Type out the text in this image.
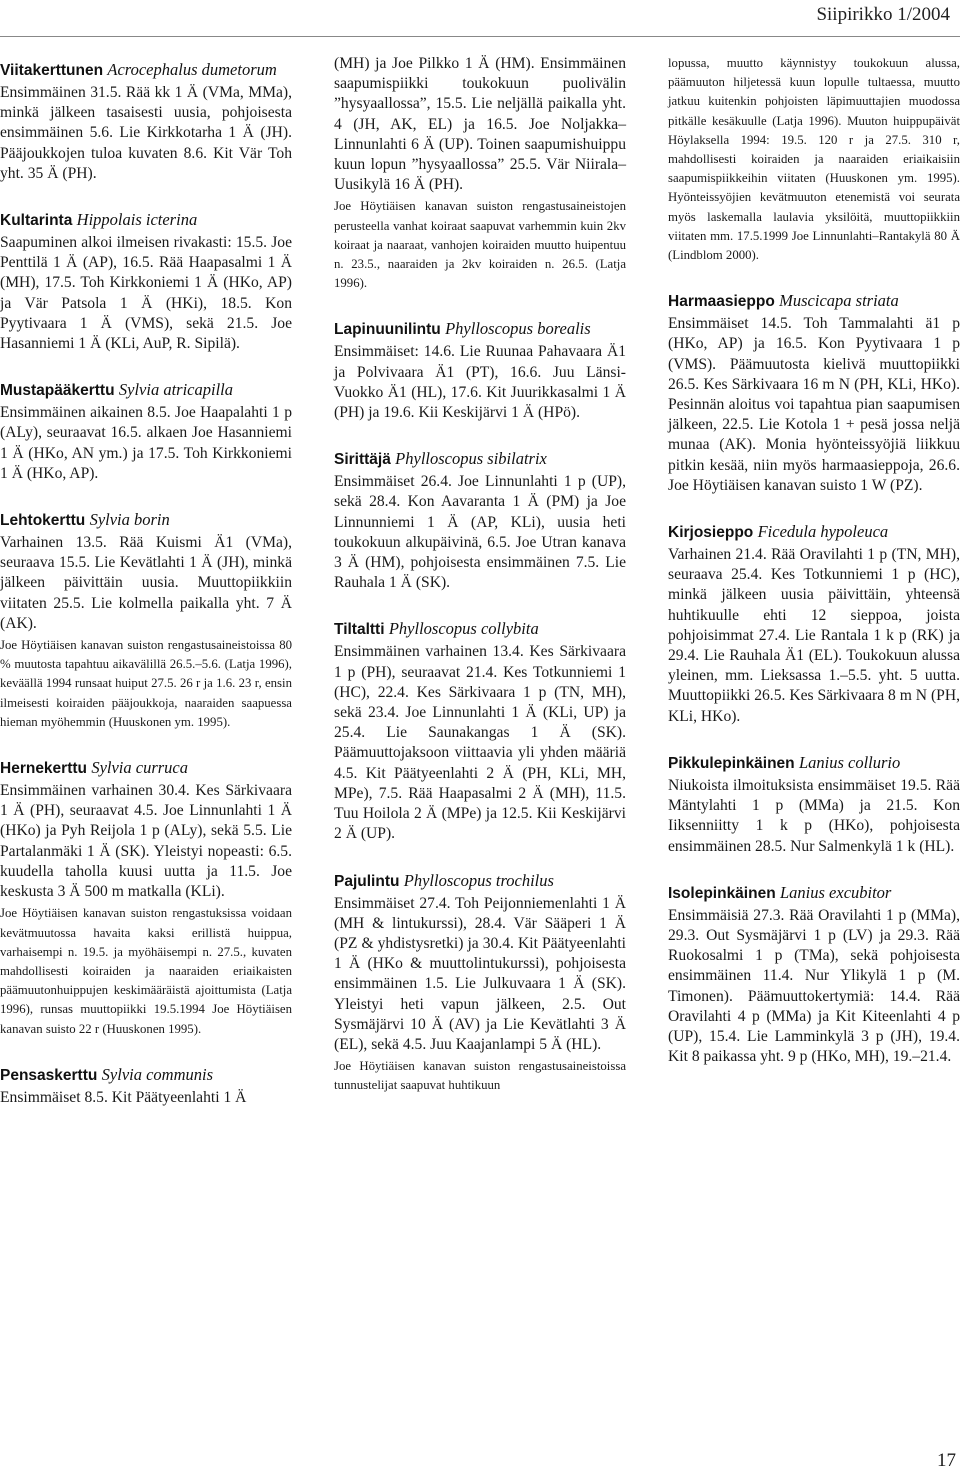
Siipirikko 1/2004
Viitakerttunen Acrocephalus dumetorum

Ensimmäinen 31.5. Rää kk 1 Ä (VMa, MMa), minkä jälkeen tasaisesti uusia, pohjoisesta ensimmäinen 5.6. Lie Kirkkotarha 1 Ä (JH). Pääjoukkojen tuloa kuvaten 8.6. Kit Vär Toh yht. 35 Ä (PH).

Kultarinta Hippolais icterina

Saapuminen alkoi ilmeisen rivakasti: 15.5. Joe Penttilä 1 Ä (AP), 16.5. Rää Haapasalmi 1 Ä (MH), 17.5. Toh Kirkkoniemi 1 Ä (HKo, AP) ja Vär Patsola 1 Ä (HKi), 18.5. Kon Pyytivaara 1 Ä (VMS), sekä 21.5. Joe Hasanniemi 1 Ä (KLi, AuP, R. Sipilä).

Mustapääkerttu Sylvia atricapilla

Ensimmäinen aikainen 8.5. Joe Haapalahti 1 p (ALy), seuraavat 16.5. alkaen Joe Hasanniemi 1 Ä (HKo, AN ym.) ja 17.5. Toh Kirkkoniemi 1 Ä (HKo, AP).

Lehtokerttu Sylvia borin

Varhainen 13.5. Rää Kuismi Ä1 (VMa), seuraava 15.5. Lie Kevätlahti 1 Ä (JH), minkä jälkeen päivittäin uusia. Muuttopiikkiin viitaten 25.5. Lie kolmella paikalla yht. 7 Ä (AK).

Joe Höytiäisen kanavan suiston rengastusaineistoissa 80 % muutosta tapahtuu aikavälillä 26.5.–5.6. (Latja 1996), keväällä 1994 runsaat huiput 27.5. 26 r ja 1.6. 23 r, ensin ilmeisesti koiraiden pääjoukkoja, naaraiden saapuessa hieman myöhemmin (Huuskonen ym. 1995).

Hernekerttu Sylvia curruca

Ensimmäinen varhainen 30.4. Kes Särkivaara 1 Ä (PH), seuraavat 4.5. Joe Linnunlahti 1 Ä (HKo) ja Pyh Reijola 1 p (ALy), sekä 5.5. Lie Partalanmäki 1 Ä (SK). Yleistyi nopeasti: 6.5. kuudella taholla kuusi uutta ja 11.5. Joe keskusta 3 Ä 500 m matkalla (KLi).

Joe Höytiäisen kanavan suiston rengastuksissa voidaan kevätmuutossa havaita kaksi erillistä huippua, varhaisempi n. 19.5. ja myöhäisempi n. 27.5., kuvaten mahdollisesti koiraiden ja naaraiden eriaikaisten päämuutonhuippujen keskimääräistä ajoittumista (Latja 1996), runsas muuttopiikki 19.5.1994 Joe Höytiäisen kanavan suisto 22 r (Huuskonen 1995).

Pensaskerttu Sylvia communis

Ensimmäiset 8.5. Kit Päätyeenlahti 1 Ä

(MH) ja Joe Pilkko 1 Ä (HM). Ensimmäinen saapumispiikki toukokuun puolivälin ”hysyaallossa”, 15.5. Lie neljällä paikalla yht. 4 (JH, AK, EL) ja 16.5. Joe Noljakka–Linnunlahti 6 Ä (UP). Toinen saapumishuippu kuun lopun ”hysyaallossa” 25.5. Vär Niirala–Uusikylä 16 Ä (PH).

Joe Höytiäisen kanavan suiston rengastusaineistojen perusteella vanhat koiraat saapuvat varhemmin kuin 2kv koiraat ja naaraat, vanhojen koiraiden muutto huipentuu n. 23.5., naaraiden ja 2kv koiraiden n. 26.5. (Latja 1996).

Lapinuunilintu Phylloscopus borealis

Ensimmäiset: 14.6. Lie Ruunaa Pahavaara Ä1 ja Polvivaara Ä1 (PT), 16.6. Juu Länsi-Vuokko Ä1 (HL), 17.6. Kit Juurikkasalmi 1 Ä (PH) ja 19.6. Kii Keskijärvi 1 Ä (HPö).

Sirittäjä Phylloscopus sibilatrix

Ensimmäiset 26.4. Joe Linnunlahti 1 p (UP), sekä 28.4. Kon Aavaranta 1 Ä (PM) ja Joe Linnunniemi 1 Ä (AP, KLi), uusia heti toukokuun alkupäivinä, 6.5. Joe Utran kanava 3 Ä (HM), pohjoisesta ensimmäinen 7.5. Lie Rauhala 1 Ä (SK).

Tiltaltti Phylloscopus collybita

Ensimmäinen varhainen 13.4. Kes Särkivaara 1 p (PH), seuraavat 21.4. Kes Totkunniemi 1 (HC), 22.4. Kes Särkivaara 1 p (TN, MH), sekä 23.4. Joe Linnunlahti 1 Ä (KLi, UP) ja 25.4. Lie Saunakangas 1 Ä (SK). Päämuuttojaksoon viittaavia yli yhden määriä 4.5. Kit Päätyeenlahti 2 Ä (PH, KLi, MH, MPe), 7.5. Rää Haapasalmi 2 Ä (MH), 11.5. Tuu Hoilola 2 Ä (MPe) ja 12.5. Kii Keskijärvi 2 Ä (UP).

Pajulintu Phylloscopus trochilus

Ensimmäiset 27.4. Toh Peijonniemenlahti 1 Ä (MH & lintukurssi), 28.4. Vär Sääperi 1 Ä (PZ & yhdistysretki) ja 30.4. Kit Päätyeenlahti 1 Ä (HKo & muuttolintukurssi), pohjoisesta ensimmäinen 1.5. Lie Julkuvaara 1 Ä (SK). Yleistyi heti vapun jälkeen, 2.5. Out Sysmäjärvi 10 Ä (AV) ja Lie Kevätlahti 3 Ä (EL), sekä 4.5. Juu Kaajanlampi 5 Ä (HL).

Joe Höytiäisen kanavan suiston rengastusaineistoissa tunnustelijat saapuvat huhtikuun

lopussa, muutto käynnistyy toukokuun alussa, päämuuton hiljetessä kuun lopulle tultaessa, muutto jatkuu kuitenkin pohjoisten läpimuuttajien muodossa pitkälle kesäkuulle (Latja 1996). Muuton huippupäivät Höylaksella 1994: 19.5. 120 r ja 27.5. 310 r, mahdollisesti koiraiden ja naaraiden eriaikaisiin saapumispiikkeihin viitaten (Huuskonen ym. 1995). Hyönteissyöjien kevätmuuton etenemistä voi seurata myös laskemalla laulavia yksilöitä, muuttopiikkiin viitaten mm. 17.5.1999 Joe Linnunlahti–Rantakylä 80 Ä (Lindblom 2000).

Harmaasieppo Muscicapa striata

Ensimmäiset 14.5. Toh Tammalahti ä1 p (HKo, AP) ja 16.5. Kon Pyytivaara 1 p (VMS). Päämuutosta kielivä muuttopiikki 26.5. Kes Särkivaara 16 m N (PH, KLi, HKo). Pesinnän aloitus voi tapahtua pian saapumisen jälkeen, 22.5. Lie Kotola 1 + pesä jossa neljä munaa (AK). Monia hyönteissyöjiä liikkuu pitkin kesää, niin myös harmaasieppoja, 26.6. Joe Höytiäisen kanavan suisto 1 W (PZ).

Kirjosieppo Ficedula hypoleuca

Varhainen 21.4. Rää Oravilahti 1 p (TN, MH), seuraava 25.4. Kes Totkunniemi 1 p (HC), minkä jälkeen uusia päivittäin, yhteensä huhtikuulle ehti 12 sieppoa, joista pohjoisimmat 27.4. Lie Rantala 1 k p (RK) ja 29.4. Lie Rauhala Ä1 (EL). Toukokuun alussa yleinen, mm. Lieksassa 1.–5.5. yht. 5 uutta. Muuttopiikki 26.5. Kes Särkivaara 8 m N (PH, KLi, HKo).

Pikkulepinkäinen Lanius collurio

Niukoista ilmoituksista ensimmäiset 19.5. Rää Mäntylahti 1 p (MMa) ja 21.5. Kon Iiksenniitty 1 k p (HKo), pohjoisesta ensimmäinen 28.5. Nur Salmenkylä 1 k (HL).

Isolepinkäinen Lanius excubitor

Ensimmäisiä 27.3. Rää Oravilahti 1 p (MMa), 29.3. Out Sysmäjärvi 1 p (LV) ja 29.3. Rää Ruokosalmi 1 p (TMa), sekä pohjoisesta ensimmäinen 11.4. Nur Ylikylä 1 p (M. Timonen). Päämuuttokertymiä: 14.4. Rää Oravilahti 4 p (MMa) ja Kit Kiteenlahti 4 p (UP), 15.4. Lie Lamminkylä 3 p (JH), 19.4. Kit 8 paikassa yht. 9 p (HKo, MH), 19.–21.4.

17
